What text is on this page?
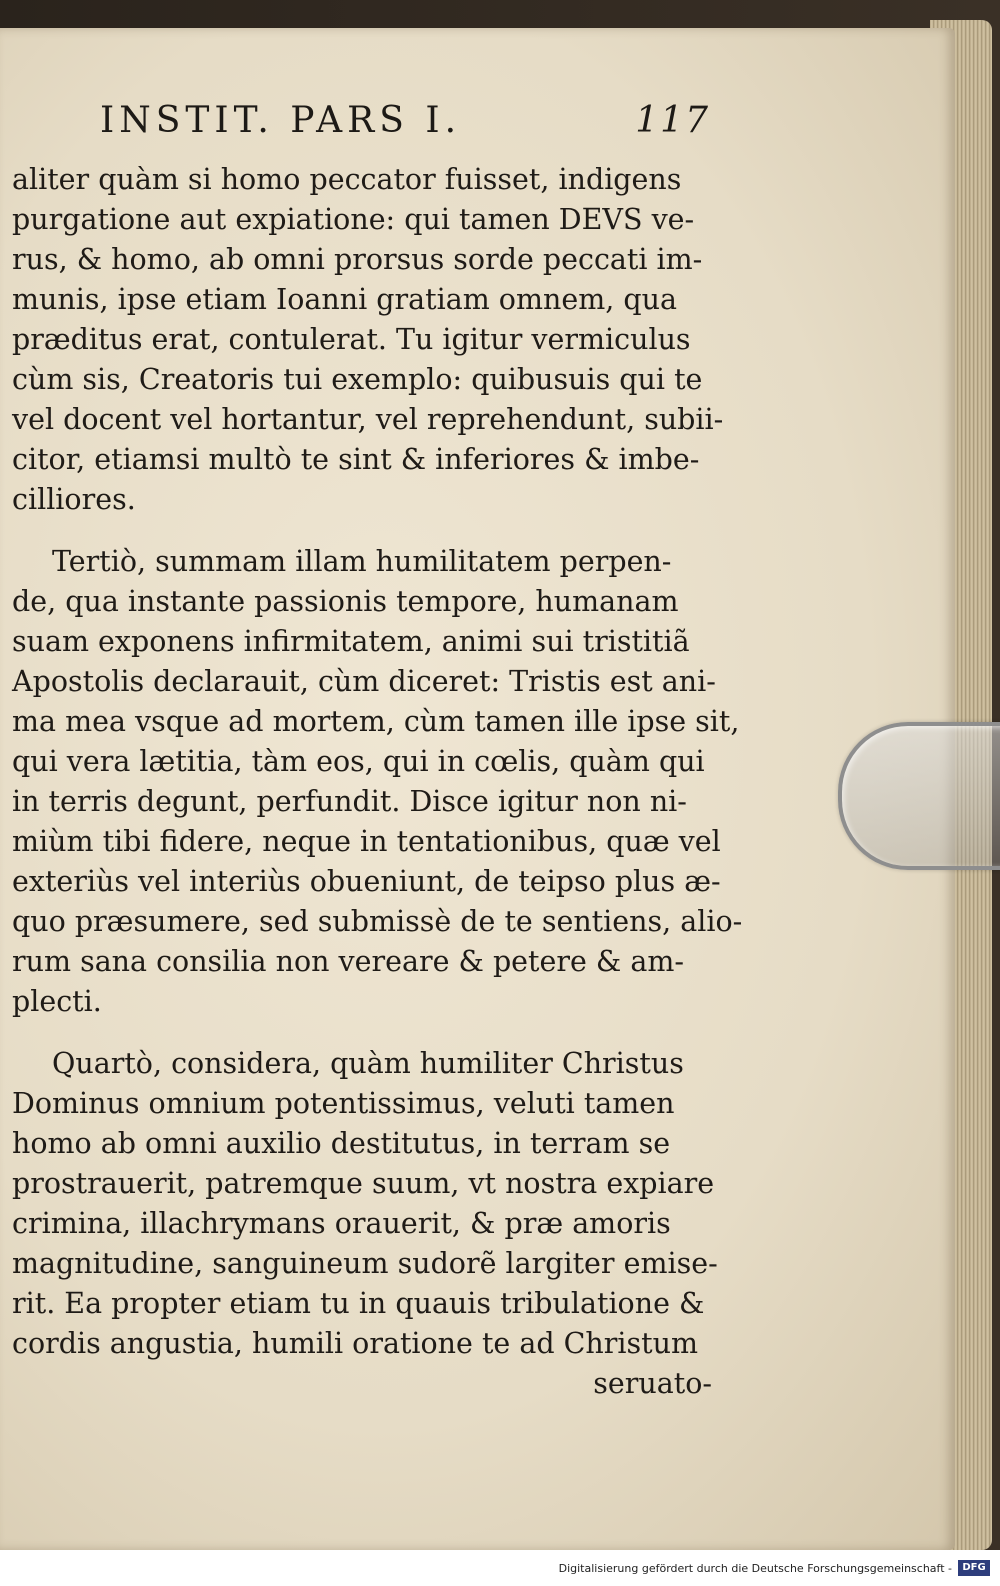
INSTIT. PARS I.	117
aliter quàm si homo peccator fuisset, indigens
purgatione aut expiatione: qui tamen DEVS ve-
rus, & homo, ab omni prorsus sorde peccati im-
munis, ipse etiam Ioanni gratiam omnem, qua
præditus erat, contulerat. Tu igitur vermiculus
cùm sis, Creatoris tui exemplo: quibusuis qui te
vel docent vel hortantur, vel reprehendunt, subii-
citor, etiamsi multò te sint & inferiores & imbe-
cilliores.
Tertiò, summam illam humilitatem perpen-
de, qua instante passionis tempore, humanam
suam exponens infirmitatem, animi sui tristitiã
Apostolis declarauit, cùm diceret: Tristis est ani-
ma mea vsque ad mortem, cùm tamen ille ipse sit,
qui vera lætitia, tàm eos, qui in cœlis, quàm qui
in terris degunt, perfundit. Disce igitur non ni-
miùm tibi fidere, neque in tentationibus, quæ vel
exteriùs vel interiùs obueniunt, de teipso plus æ-
quo præsumere, sed submissè de te sentiens, alio-
rum sana consilia non vereare & petere & am-
plecti.
Quartò, considera, quàm humiliter Christus
Dominus omnium potentissimus, veluti tamen
homo ab omni auxilio destitutus, in terram se
prostrauerit, patremque suum, vt nostra expiare
crimina, illachrymans orauerit, & præ amoris
magnitudine, sanguineum sudorẽ largiter emise-
rit. Ea propter etiam tu in quauis tribulatione &
cordis angustia, humili oratione te ad Christum
seruato-
Digitalisierung gefördert durch die Deutsche Forschungsgemeinschaft -	DFG
